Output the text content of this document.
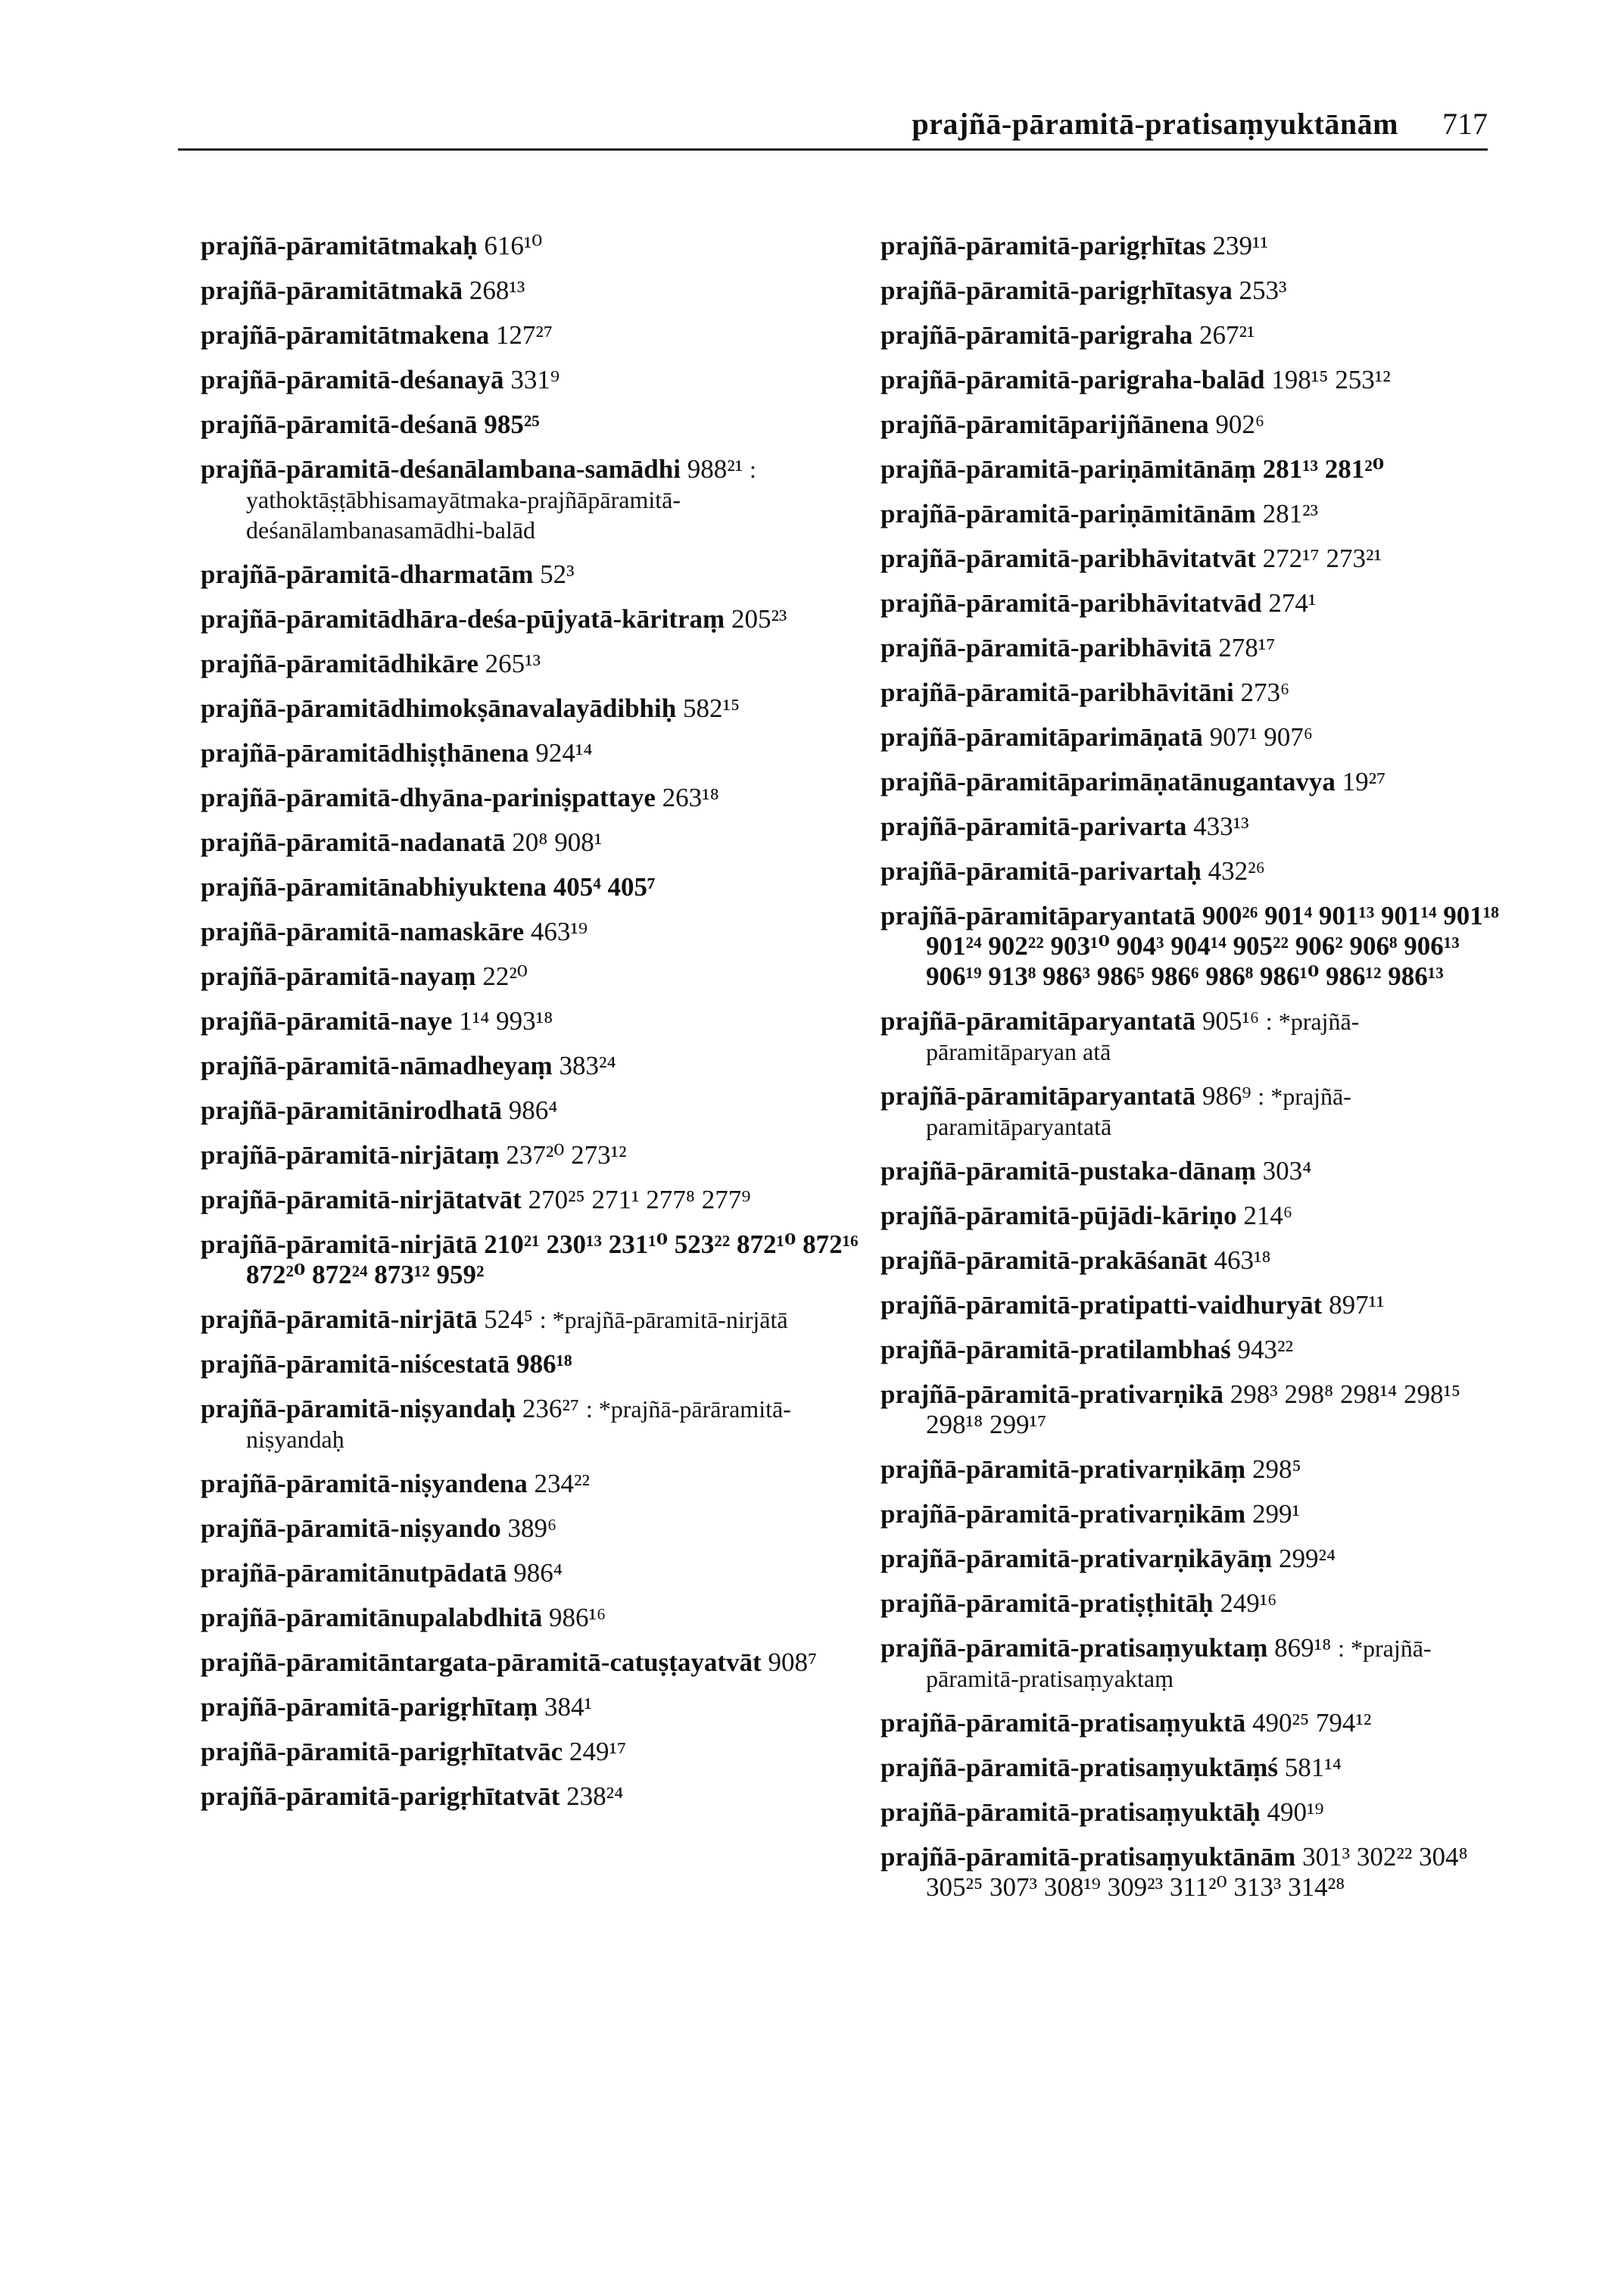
prajñā-pāramitā-pratisaṃyuktānām 717
prajñā-pāramitātmakaḥ 616¹⁰
prajñā-pāramitātmakā 268¹³
prajñā-pāramitātmakena 127²⁷
prajñā-pāramitā-deśanayā 331⁹
prajñā-pāramitā-deśanā 985²⁵
prajñā-pāramitā-deśanālambana-samādhi 988²¹ : yathoktāṣṭābhisamayātmaka-prajñāpāramitā-deśanālambanasamādhi-balād
prajñā-pāramitā-dharmatām 52³
prajñā-pāramitādhāra-deśa-pūjyatā-kāritraṃ 205²³
prajñā-pāramitādhikāre 265¹³
prajñā-pāramitādhimokṣānavalayādibhiḥ 582¹⁵
prajñā-pāramitādhiṣṭhānena 924¹⁴
prajñā-pāramitā-dhyāna-pariniṣpattaye 263¹⁸
prajñā-pāramitā-nadanatā 20⁸ 908¹
prajñā-pāramitānabhiyuktena 405⁴ 405⁷
prajñā-pāramitā-namaskāre 463¹⁹
prajñā-pāramitā-nayaṃ 22²⁰
prajñā-pāramitā-naye 1¹⁴ 993¹⁸
prajñā-pāramitā-nāmadheyaṃ 383²⁴
prajñā-pāramitānirodhatā 986⁴
prajñā-pāramitā-nirjātaṃ 237²⁰ 273¹²
prajñā-pāramitā-nirjātatvāt 270²⁵ 271¹ 277⁸ 277⁹
prajñā-pāramitā-nirjātā 210²¹ 230¹³ 231¹⁰ 523²² 872¹⁰ 872¹⁶ 872²⁰ 872²⁴ 873¹² 959²
prajñā-pāramitā-nirjātā 524⁵ : *prajñā-pāramitā-nirjātā
prajñā-pāramitā-niścestatā 986¹⁸
prajñā-pāramitā-niṣyandaḥ 236²⁷ : *prajñā-pārāramitā-niṣyandaḥ
prajñā-pāramitā-niṣyandena 234²²
prajñā-pāramitā-niṣyando 389⁶
prajñā-pāramitānutpādatā 986⁴
prajñā-pāramitānupalabdhitā 986¹⁶
prajñā-pāramitāntargata-pāramitā-catuṣṭayatvāt 908⁷
prajñā-pāramitā-parigṛhītaṃ 384¹
prajñā-pāramitā-parigṛhītatvāc 249¹⁷
prajñā-pāramitā-parigṛhītatvāt 238²⁴
prajñā-pāramitā-parigṛhītas 239¹¹
prajñā-pāramitā-parigṛhītasya 253³
prajñā-pāramitā-parigraha 267²¹
prajñā-pāramitā-parigraha-balād 198¹⁵ 253¹²
prajñā-pāramitāparijñānena 902⁶
prajñā-pāramitā-pariṇāmitānāṃ 281¹³ 281²⁰
prajñā-pāramitā-pariṇāmitānām 281²³
prajñā-pāramitā-paribhāvitatvāt 272¹⁷ 273²¹
prajñā-pāramitā-paribhāvitatvād 274¹
prajñā-pāramitā-paribhāvitā 278¹⁷
prajñā-pāramitā-paribhāvitāni 273⁶
prajñā-pāramitāparimāṇatā 907¹ 907⁶
prajñā-pāramitāparimāṇatānugantavya 19²⁷
prajñā-pāramitā-parivarta 433¹³
prajñā-pāramitā-parivartaḥ 432²⁶
prajñā-pāramitāparyantatā 900²⁶ 901⁴ 901¹³ 901¹⁴ 901¹⁸ 901²⁴ 902²² 903¹⁰ 904³ 904¹⁴ 905²² 906² 906⁸ 906¹³ 906¹⁹ 913⁸ 986³ 986⁵ 986⁶ 986⁸ 986¹⁰ 986¹² 986¹³
prajñā-pāramitāparyantatā 905¹⁶ : *prajñā-pāramitāparyan atā
prajñā-pāramitāparyantatā 986⁹ : *prajñā-paramitāparyantatā
prajñā-pāramitā-pustaka-dānaṃ 303⁴
prajñā-pāramitā-pūjādi-kāriṇo 214⁶
prajñā-pāramitā-prakāśanāt 463¹⁸
prajñā-pāramitā-pratipatti-vaidhuryāt 897¹¹
prajñā-pāramitā-pratilambhaś 943²²
prajñā-pāramitā-prativarṇikā 298³ 298⁸ 298¹⁴ 298¹⁵ 298¹⁸ 299¹⁷
prajñā-pāramitā-prativarṇikāṃ 298⁵
prajñā-pāramitā-prativarṇikām 299¹
prajñā-pāramitā-prativarṇikāyāṃ 299²⁴
prajñā-pāramitā-pratiṣṭhitāḥ 249¹⁶
prajñā-pāramitā-pratisaṃyuktaṃ 869¹⁸ : *prajñā-pāramitā-pratisaṃyaktaṃ
prajñā-pāramitā-pratisaṃyuktā 490²⁵ 794¹²
prajñā-pāramitā-pratisaṃyuktāṃś 581¹⁴
prajñā-pāramitā-pratisaṃyuktāḥ 490¹⁹
prajñā-pāramitā-pratisaṃyuktānām 301³ 302²² 304⁸ 305²⁵ 307³ 308¹⁹ 309²³ 311²⁰ 313³ 314²⁸
